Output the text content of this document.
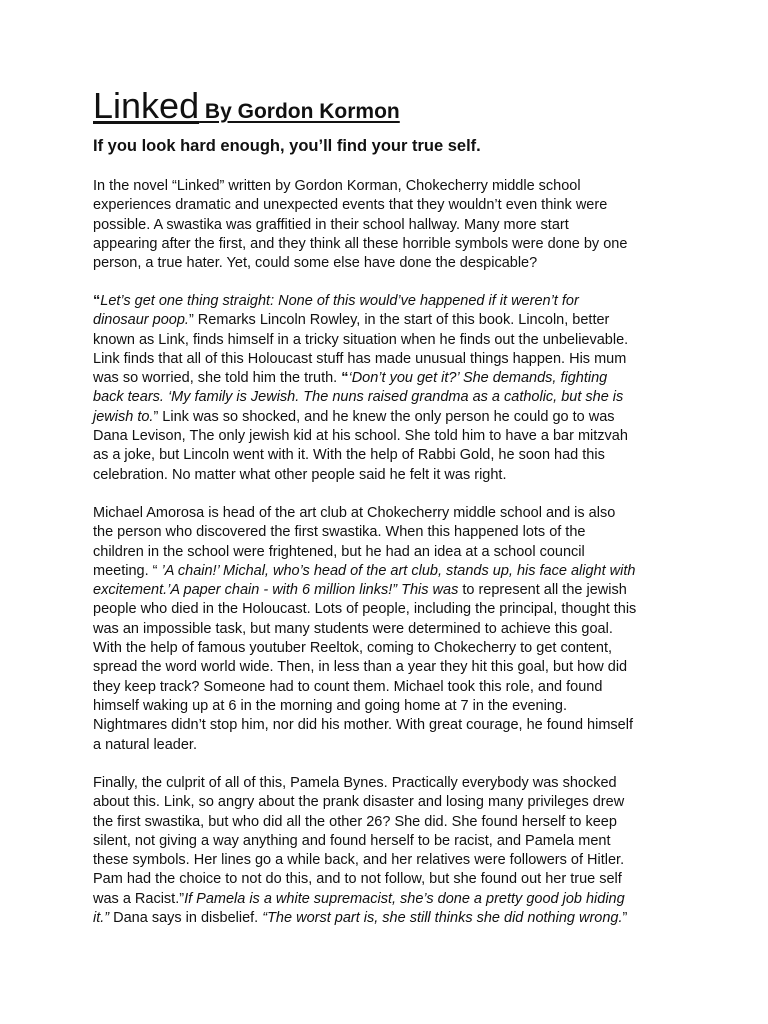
Linked By Gordon Kormon
If you look hard enough, you’ll find your true self.
In the novel “Linked” written by Gordon Korman, Chokecherry middle school
experiences dramatic and unexpected events that they wouldn’t even think were
possible. A swastika was graffitied in their school hallway. Many more start
appearing after the first, and they think all these horrible symbols were done by one
person, a true hater. Yet, could some else have done the despicable?
“Let’s get one thing straight: None of this would’ve happened if it weren’t for
dinosaur poop.” Remarks Lincoln Rowley, in the start of this book. Lincoln, better
known as Link, finds himself in a tricky situation when he finds out the unbelievable.
Link finds that all of this Holoucast stuff has made unusual things happen. His mum
was so worried, she told him the truth. “‘Don’t you get it?’ She demands, fighting
back tears. ‘My family is Jewish. The nuns raised grandma as a catholic, but she is
jewish to.” Link was so shocked, and he knew the only person he could go to was
Dana Levison, The only jewish kid at his school. She told him to have a bar mitzvah
as a joke, but Lincoln went with it. With the help of Rabbi Gold, he soon had this
celebration. No matter what other people said he felt it was right.
Michael Amorosa is head of the art club at Chokecherry middle school and is also
the person who discovered the first swastika. When this happened lots of the
children in the school were frightened, but he had an idea at a school council
meeting. “ ’A chain!’ Michal, who’s head of the art club, stands up, his face alight with
excitement.’A paper chain - with 6 million links!” This was to represent all the jewish
people who died in the Holoucast. Lots of people, including the principal, thought this
was an impossible task, but many students were determined to achieve this goal.
With the help of famous youtuber Reeltok, coming to Chokecherry to get content,
spread the word world wide. Then, in less than a year they hit this goal, but how did
they keep track? Someone had to count them. Michael took this role, and found
himself waking up at 6 in the morning and going home at 7 in the evening.
Nightmares didn’t stop him, nor did his mother. With great courage, he found himself
a natural leader.
Finally, the culprit of all of this, Pamela Bynes. Practically everybody was shocked
about this. Link, so angry about the prank disaster and losing many privileges drew
the first swastika, but who did all the other 26? She did. She found herself to keep
silent, not giving a way anything and found herself to be racist, and Pamela ment
these symbols. Her lines go a while back, and her relatives were followers of Hitler.
Pam had the choice to not do this, and to not follow, but she found out her true self
was a Racist.”If Pamela is a white supremacist, she’s done a pretty good job hiding
it.” Dana says in disbelief. “The worst part is, she still thinks she did nothing wrong.”
